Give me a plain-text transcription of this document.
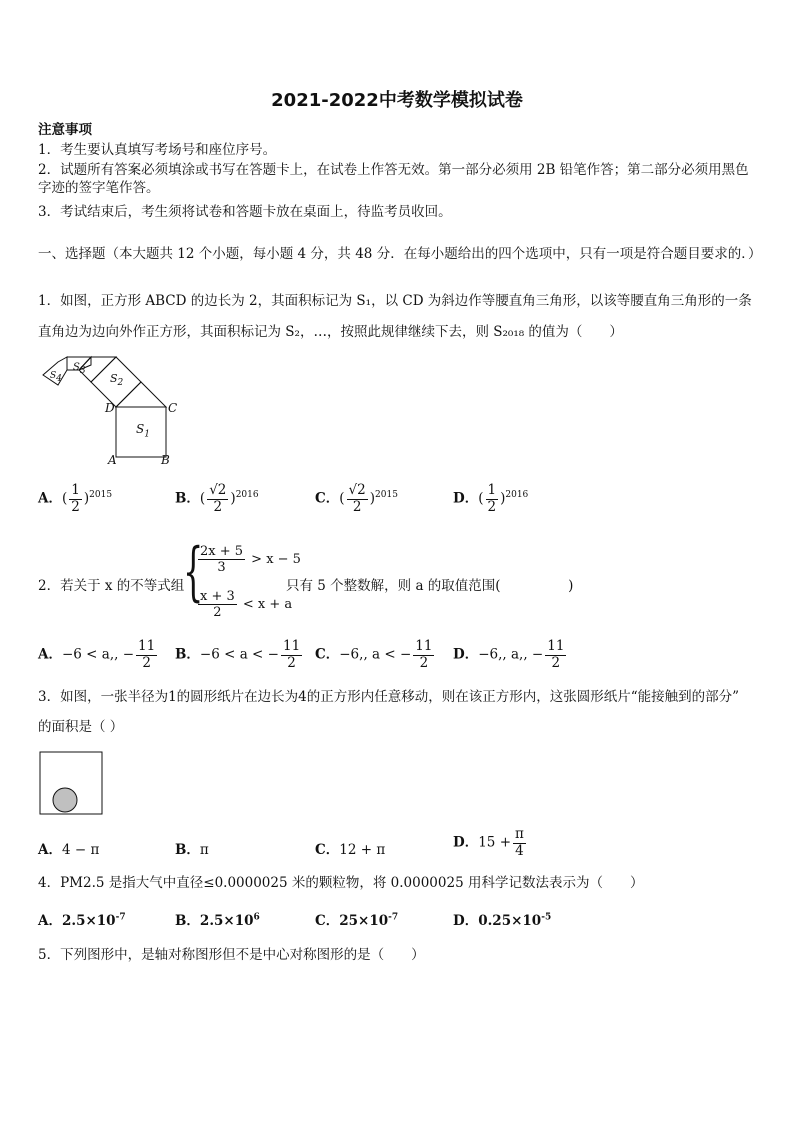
2021-2022中考数学模拟试卷
注意事项
1．考生要认真填写考场号和座位序号。
2．试题所有答案必须填涂或书写在答题卡上，在试卷上作答无效。第一部分必须用 2B 铅笔作答；第二部分必须用黑色字迹的签字笔作答。
3．考试结束后，考生须将试卷和答题卡放在桌面上，待监考员收回。
一、选择题（本大题共 12 个小题，每小题 4 分，共 48 分．在每小题给出的四个选项中，只有一项是符合题目要求的．）
1．如图，正方形 ABCD 的边长为 2，其面积标记为 S₁，以 CD 为斜边作等腰直角三角形，以该等腰直角三角形的一条
直角边为边向外作正方形，其面积标记为 S₂，…，按照此规律继续下去，则 S₂₀₁₈ 的值为（　　）
$S_1$
$S_2$
$S_3$
$S_4$
D	C
A	B
A．( $\frac{1}{2} )^{2015}$	B．( $\frac{√2}{2} )^{2016}$	C．( $\frac{√2}{2} )^{2015}$	D．( $\frac{1}{2} )^{2016}$
2．若关于 x 的不等式组
{
$\frac{2x + 5}{3} > x - 5$
$\frac{x + 3}{2} < x + a$
只有 5 个整数解，则 a 的取值范围(　　　　　)
A．−6 < a,, − $\frac{11}{2}$ B．−6 < a < − $\frac{11}{2}$ C．−6,, a < − $\frac{11}{2}$ D．−6,, a,, − $\frac{11}{2}$
3．如图，一张半径为1的圆形纸片在边长为4的正方形内任意移动，则在该正方形内，这张圆形纸片“能接触到的部分”
的面积是（ ）
A．4 − π	B．π	C．12 + π	D．$15 + \frac{\pi}{4}$
4．PM2.5 是指大气中直径≤0.0000025 米的颗粒物，将 0.0000025 用科学记数法表示为（　　）
A．$2.5\times 10^{-7}$	B．$2.5\times 10^6$	C．$25\times 10^{-7}$	D．$0.25\times 10^{-5}$
5．下列图形中，是轴对称图形但不是中心对称图形的是（　　）
